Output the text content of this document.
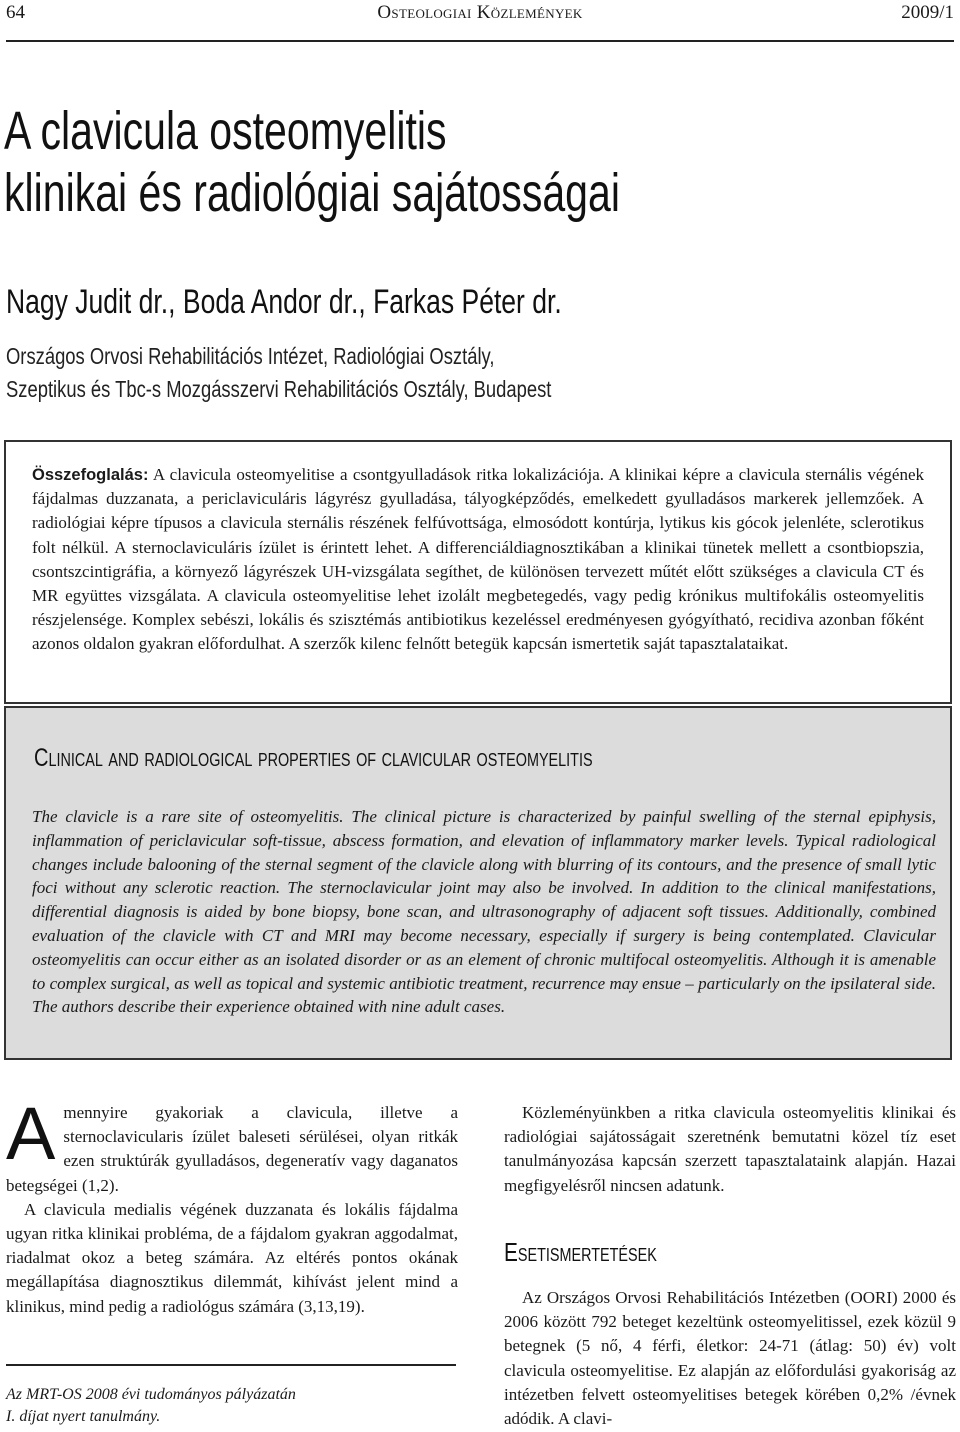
Osteologiai Közlemények
64	2009/1
A clavicula osteomyelitis
klinikai és radiológiai sajátosságai
Nagy Judit dr., Boda Andor dr., Farkas Péter dr.
Országos Orvosi Rehabilitációs Intézet, Radiológiai Osztály,
Szeptikus és Tbc-s Mozgásszervi Rehabilitációs Osztály, Budapest

Összefoglalás: A clavicula osteomyelitise a csontgyulladások ritka lokalizációja. A klinikai képre a clavicula sternális végének fájdalmas duzzanata, a periclaviculáris lágyrész gyulladása, tályogképződés, emelkedett gyulladásos markerek jellemzőek. A radiológiai képre típusos a clavicula sternális részének felfúvottsága, elmosódott kontúrja, lytikus kis gócok jelenléte, sclerotikus folt nélkül. A sternoclaviculáris ízület is érintett lehet. A differenciáldiagnosztikában a klinikai tünetek mellett a csontbiopszia, csontszcintigráfia, a környező lágyrészek UH-vizsgálata segíthet, de különösen tervezett műtét előtt szükséges a clavicula CT és MR együttes vizsgálata. A clavicula osteomyelitise lehet izolált megbetegedés, vagy pedig krónikus multifokális osteomyelitis részjelensége. Komplex sebészi, lokális és szisztémás antibiotikus kezeléssel eredményesen gyógyítható, recidiva azonban főként azonos oldalon gyakran előfordulhat. A szerzők kilenc felnőtt betegük kapcsán ismertetik saját tapasztalataikat.

Clinical and radiological properties of clavicular osteomyelitis

The clavicle is a rare site of osteomyelitis. The clinical picture is characterized by painful swelling of the sternal epiphysis, inflammation of periclavicular soft-tissue, abscess formation, and elevation of inflammatory marker levels. Typical radiological changes include balooning of the sternal segment of the clavicle along with blurring of its contours, and the presence of small lytic foci without any sclerotic reaction. The sternoclavicular joint may also be involved. In addition to the clinical manifestations, differential diagnosis is aided by bone biopsy, bone scan, and ultrasonography of adjacent soft tissues. Additionally, combined evaluation of the clavicle with CT and MRI may become necessary, especially if surgery is being contemplated. Clavicular osteomyelitis can occur either as an isolated disorder or as an element of chronic multifocal osteomyelitis. Although it is amenable to complex surgical, as well as topical and systemic antibiotic treatment, recurrence may ensue – particularly on the ipsilateral side. The authors describe their experience obtained with nine adult cases.

Amennyire gyakoriak a clavicula, illetve a sternoclavicularis ízület baleseti sérülései, olyan ritkák ezen struktúrák gyulladásos, degeneratív vagy daganatos betegségei (1,2).

A clavicula medialis végének duzzanata és lokális fájdalma ugyan ritka klinikai probléma, de a fájdalom gyakran aggodalmat, riadalmat okoz a beteg számára. Az eltérés pontos okának megállapítása diagnosztikus dilemmát, kihívást jelent mind a klinikus, mind pedig a radiológus számára (3,13,19).

Közleményünkben a ritka clavicula osteomyelitis klinikai és radiológiai sajátosságait szeretnénk bemutatni közel tíz eset tanulmányozása kapcsán szerzett tapasztalataink alapján. Hazai megfigyelésről nincsen adatunk.

Esetismertetések

Az Országos Orvosi Rehabilitációs Intézetben (OORI) 2000 és 2006 között 792 beteget kezeltünk osteomyelitissel, ezek közül 9 betegnek (5 nő, 4 férfi, életkor: 24-71 (átlag: 50) év) volt clavicula osteomyelitise. Ez alapján az előfordulási gyakoriság az intézetben felvett osteomyelitises betegek körében 0,2% /évnek adódik. A clavi-

Az MRT-OS 2008 évi tudományos pályázatán

I. díjat nyert tanulmány.
